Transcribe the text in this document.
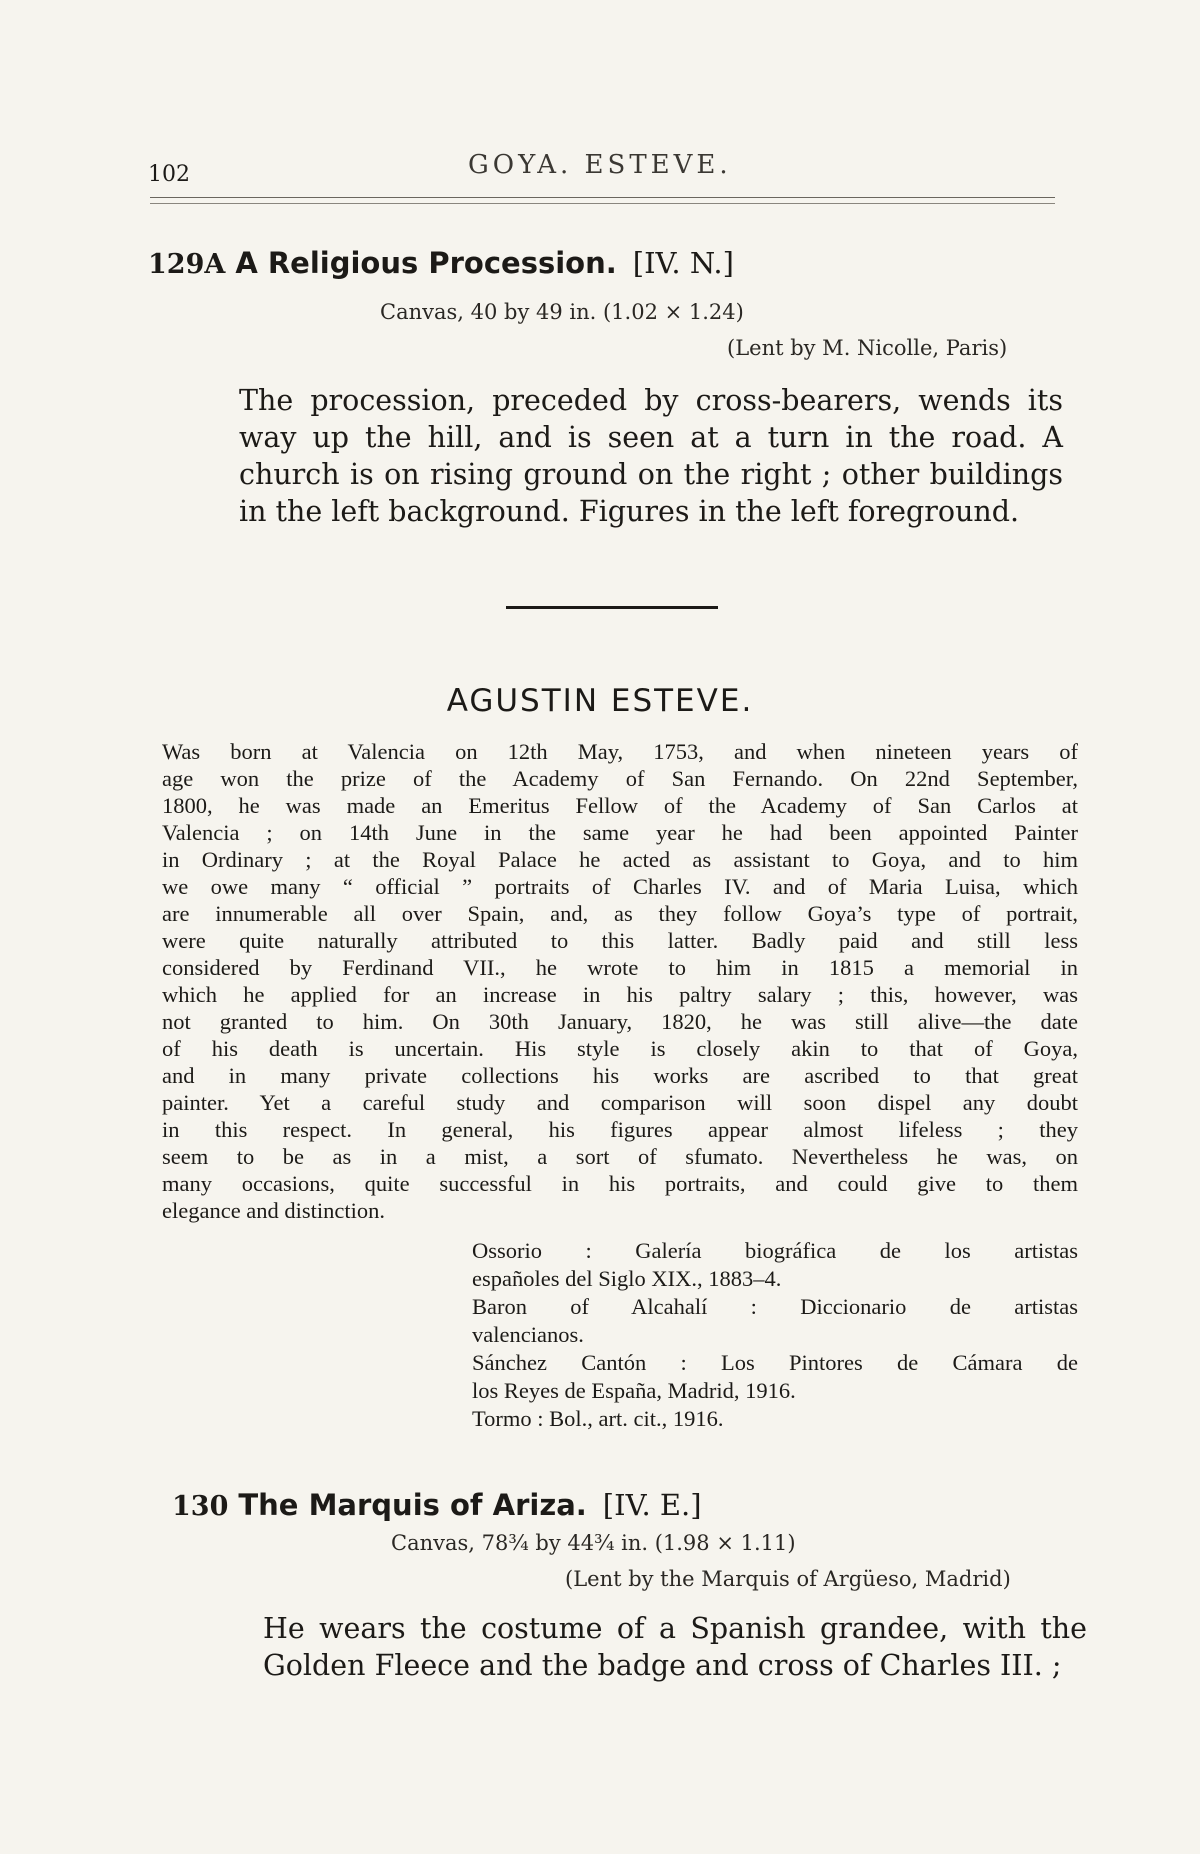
102	GOYA. ESTEVE.
129A A Religious Procession. [IV. N.]
Canvas, 40 by 49 in. (1.02 × 1.24)
(Lent by M. Nicolle, Paris)
The procession, preceded by cross-bearers, wends its
way up the hill, and is seen at a turn in the road. A
church is on rising ground on the right ; other buildings
in the left background. Figures in the left foreground.
AGUSTIN ESTEVE.
Was born at Valencia on 12th May, 1753, and when nineteen years of
age won the prize of the Academy of San Fernando. On 22nd September,
1800, he was made an Emeritus Fellow of the Academy of San Carlos at
Valencia ; on 14th June in the same year he had been appointed Painter
in Ordinary ; at the Royal Palace he acted as assistant to Goya, and to him
we owe many “ official ” portraits of Charles IV. and of Maria Luisa, which
are innumerable all over Spain, and, as they follow Goya’s type of portrait,
were quite naturally attributed to this latter. Badly paid and still less
considered by Ferdinand VII., he wrote to him in 1815 a memorial in
which he applied for an increase in his paltry salary ; this, however, was
not granted to him. On 30th January, 1820, he was still alive—the date
of his death is uncertain. His style is closely akin to that of Goya,
and in many private collections his works are ascribed to that great
painter. Yet a careful study and comparison will soon dispel any doubt
in this respect. In general, his figures appear almost lifeless ; they
seem to be as in a mist, a sort of sfumato. Nevertheless he was, on
many occasions, quite successful in his portraits, and could give to them
elegance and distinction.
Ossorio : Galería biográfica de los artistas
españoles del Siglo XIX., 1883–4.
Baron of Alcahalí : Diccionario de artistas
valencianos.
Sánchez Cantón : Los Pintores de Cámara de
los Reyes de España, Madrid, 1916.
Tormo : Bol., art. cit., 1916.
130 The Marquis of Ariza. [IV. E.]
Canvas, 78¾ by 44¾ in. (1.98 × 1.11)
(Lent by the Marquis of Argüeso, Madrid)
He wears the costume of a Spanish grandee, with the
Golden Fleece and the badge and cross of Charles III. ;
